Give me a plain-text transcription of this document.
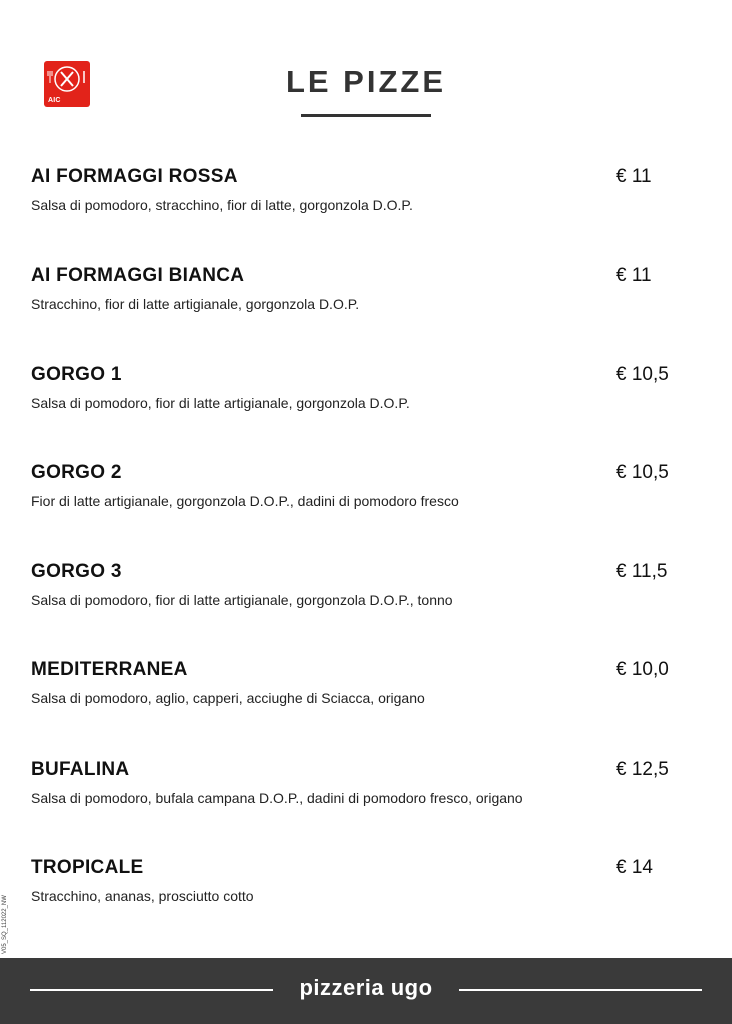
AIC
LE PIZZE
AI FORMAGGI ROSSA	€ 11
Salsa di pomodoro, stracchino, fior di latte, gorgonzola D.O.P.
AI FORMAGGI BIANCA	€ 11
Stracchino, fior di latte artigianale, gorgonzola D.O.P.
GORGO 1	€ 10,5
Salsa di pomodoro, fior di latte artigianale, gorgonzola D.O.P.
GORGO 2	€ 10,5
Fior di latte artigianale, gorgonzola D.O.P., dadini di pomodoro fresco
GORGO 3	€ 11,5
Salsa di pomodoro, fior di latte artigianale, gorgonzola D.O.P., tonno
MEDITERRANEA	€ 10,0
Salsa di pomodoro, aglio, capperi, acciughe di Sciacca, origano
BUFALINA	€ 12,5
Salsa di pomodoro, bufala campana D.O.P., dadini di pomodoro fresco, origano
TROPICALE	€ 14
Stracchino, ananas, prosciutto cotto
V05_SQ_112022_NW
pizzeria ugo
